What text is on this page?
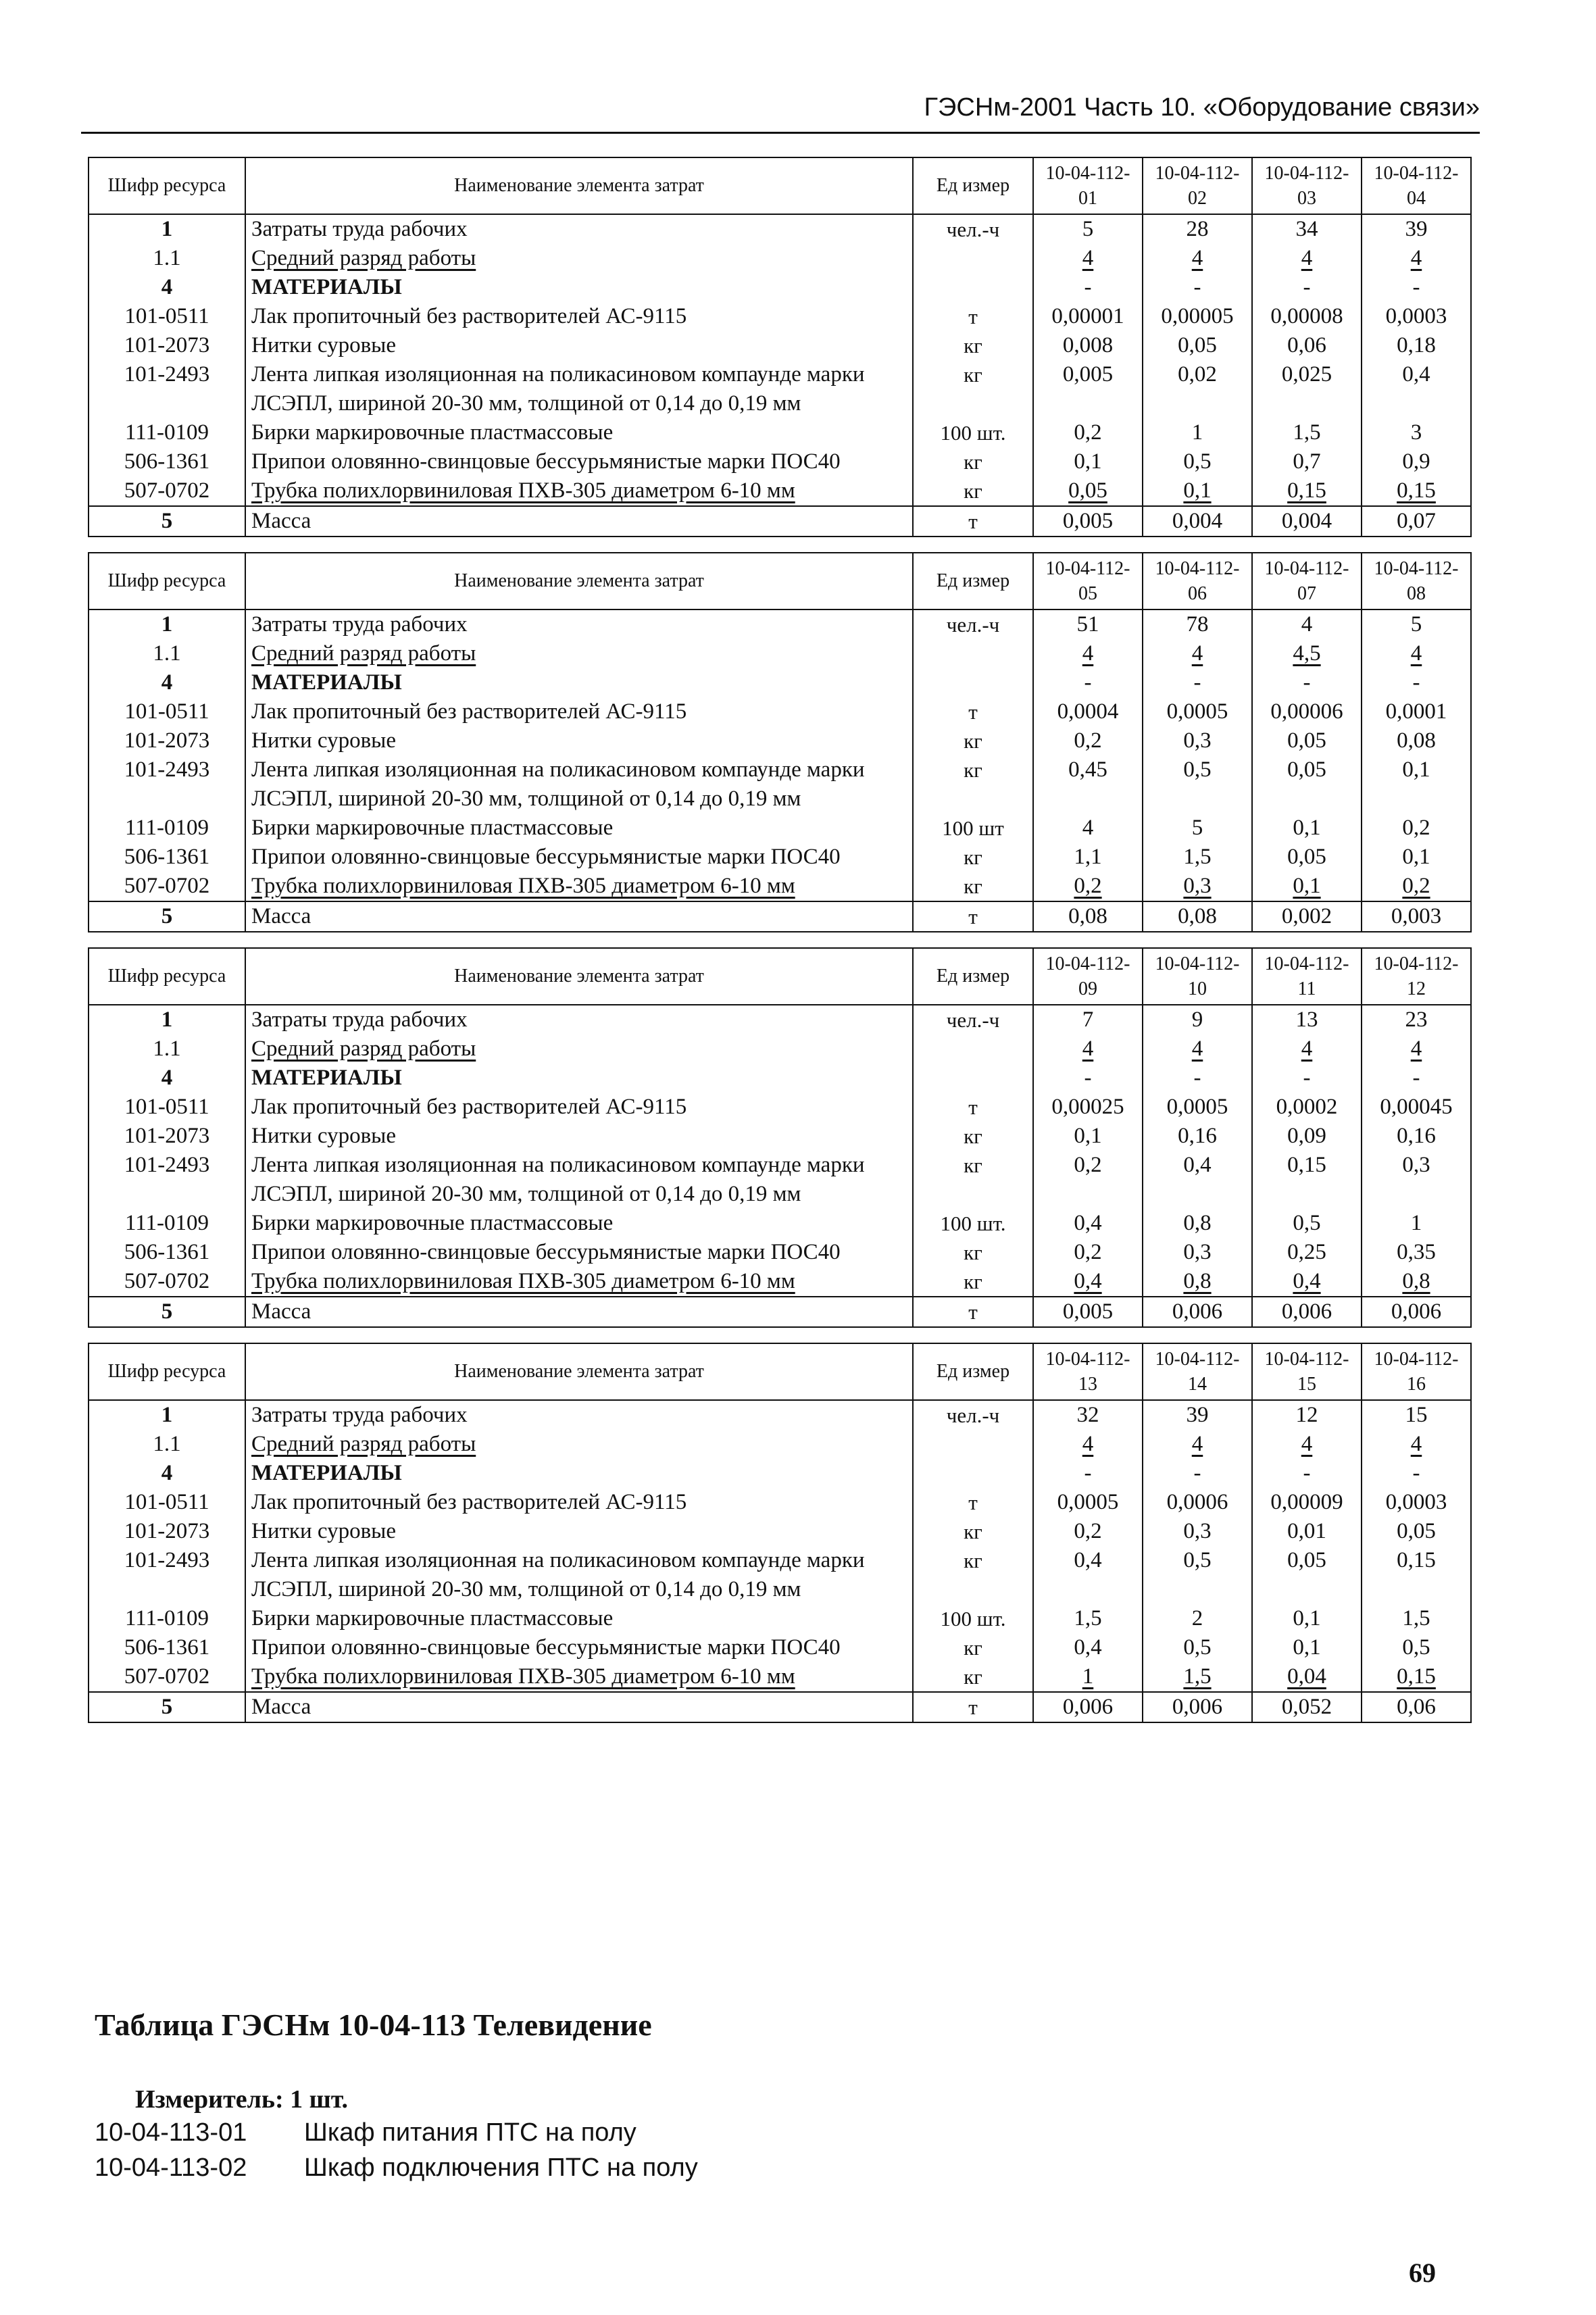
ГЭСНм-2001 Часть 10. «Оборудование связи»
Шифр ресурса	Наименование элемента затрат	Ед измер	10-04-112-01	10-04-112-02	10-04-112-03	10-04-112-04
1	Затраты труда рабочих	чел.-ч	5	28	34	39
1.1	Средний разряд работы		4	4	4	4
4	МАТЕРИАЛЫ		-	-	-	-
101-0511	Лак пропиточный без растворителей АС-9115	т	0,00001	0,00005	0,00008	0,0003
101-2073	Нитки суровые	кг	0,008	0,05	0,06	0,18
101-2493	Лента липкая изоляционная на поликасиновом компаунде марки ЛСЭПЛ, шириной 20-30 мм, толщиной от 0,14 до 0,19 мм	кг	0,005	0,02	0,025	0,4
111-0109	Бирки маркировочные пластмассовые	100 шт.	0,2	1	1,5	3
506-1361	Припои оловянно-свинцовые бессурьмянистые марки ПОС40	кг	0,1	0,5	0,7	0,9
507-0702	Трубка полихлорвиниловая ПХВ-305 диаметром 6-10 мм	кг	0,05	0,1	0,15	0,15
5	Масса	т	0,005	0,004	0,004	0,07
Шифр ресурса	Наименование элемента затрат	Ед измер	10-04-112-05	10-04-112-06	10-04-112-07	10-04-112-08
1	Затраты труда рабочих	чел.-ч	51	78	4	5
1.1	Средний разряд работы		4	4	4,5	4
4	МАТЕРИАЛЫ		-	-	-	-
101-0511	Лак пропиточный без растворителей АС-9115	т	0,0004	0,0005	0,00006	0,0001
101-2073	Нитки суровые	кг	0,2	0,3	0,05	0,08
101-2493	Лента липкая изоляционная на поликасиновом компаунде марки ЛСЭПЛ, шириной 20-30 мм, толщиной от 0,14 до 0,19 мм	кг	0,45	0,5	0,05	0,1
111-0109	Бирки маркировочные пластмассовые	100 шт	4	5	0,1	0,2
506-1361	Припои оловянно-свинцовые бессурьмянистые марки ПОС40	кг	1,1	1,5	0,05	0,1
507-0702	Трубка полихлорвиниловая ПХВ-305 диаметром 6-10 мм	кг	0,2	0,3	0,1	0,2
5	Масса	т	0,08	0,08	0,002	0,003
Шифр ресурса	Наименование элемента затрат	Ед измер	10-04-112-09	10-04-112-10	10-04-112-11	10-04-112-12
1	Затраты труда рабочих	чел.-ч	7	9	13	23
1.1	Средний разряд работы		4	4	4	4
4	МАТЕРИАЛЫ		-	-	-	-
101-0511	Лак пропиточный без растворителей АС-9115	т	0,00025	0,0005	0,0002	0,00045
101-2073	Нитки суровые	кг	0,1	0,16	0,09	0,16
101-2493	Лента липкая изоляционная на поликасиновом компаунде марки ЛСЭПЛ, шириной 20-30 мм, толщиной от 0,14 до 0,19 мм	кг	0,2	0,4	0,15	0,3
111-0109	Бирки маркировочные пластмассовые	100 шт.	0,4	0,8	0,5	1
506-1361	Припои оловянно-свинцовые бессурьмянистые марки ПОС40	кг	0,2	0,3	0,25	0,35
507-0702	Трубка полихлорвиниловая ПХВ-305 диаметром 6-10 мм	кг	0,4	0,8	0,4	0,8
5	Масса	т	0,005	0,006	0,006	0,006
Шифр ресурса	Наименование элемента затрат	Ед измер	10-04-112-13	10-04-112-14	10-04-112-15	10-04-112-16
1	Затраты труда рабочих	чел.-ч	32	39	12	15
1.1	Средний разряд работы		4	4	4	4
4	МАТЕРИАЛЫ		-	-	-	-
101-0511	Лак пропиточный без растворителей АС-9115	т	0,0005	0,0006	0,00009	0,0003
101-2073	Нитки суровые	кг	0,2	0,3	0,01	0,05
101-2493	Лента липкая изоляционная на поликасиновом компаунде марки ЛСЭПЛ, шириной 20-30 мм, толщиной от 0,14 до 0,19 мм	кг	0,4	0,5	0,05	0,15
111-0109	Бирки маркировочные пластмассовые	100 шт.	1,5	2	0,1	1,5
506-1361	Припои оловянно-свинцовые бессурьмянистые марки ПОС40	кг	0,4	0,5	0,1	0,5
507-0702	Трубка полихлорвиниловая ПХВ-305 диаметром 6-10 мм	кг	1	1,5	0,04	0,15
5	Масса	т	0,006	0,006	0,052	0,06
Таблица ГЭСНм 10-04-113 Телевидение
Измеритель: 1 шт.
10-04-113-01	Шкаф питания ПТС на полу
10-04-113-02	Шкаф подключения ПТС на полу
69
